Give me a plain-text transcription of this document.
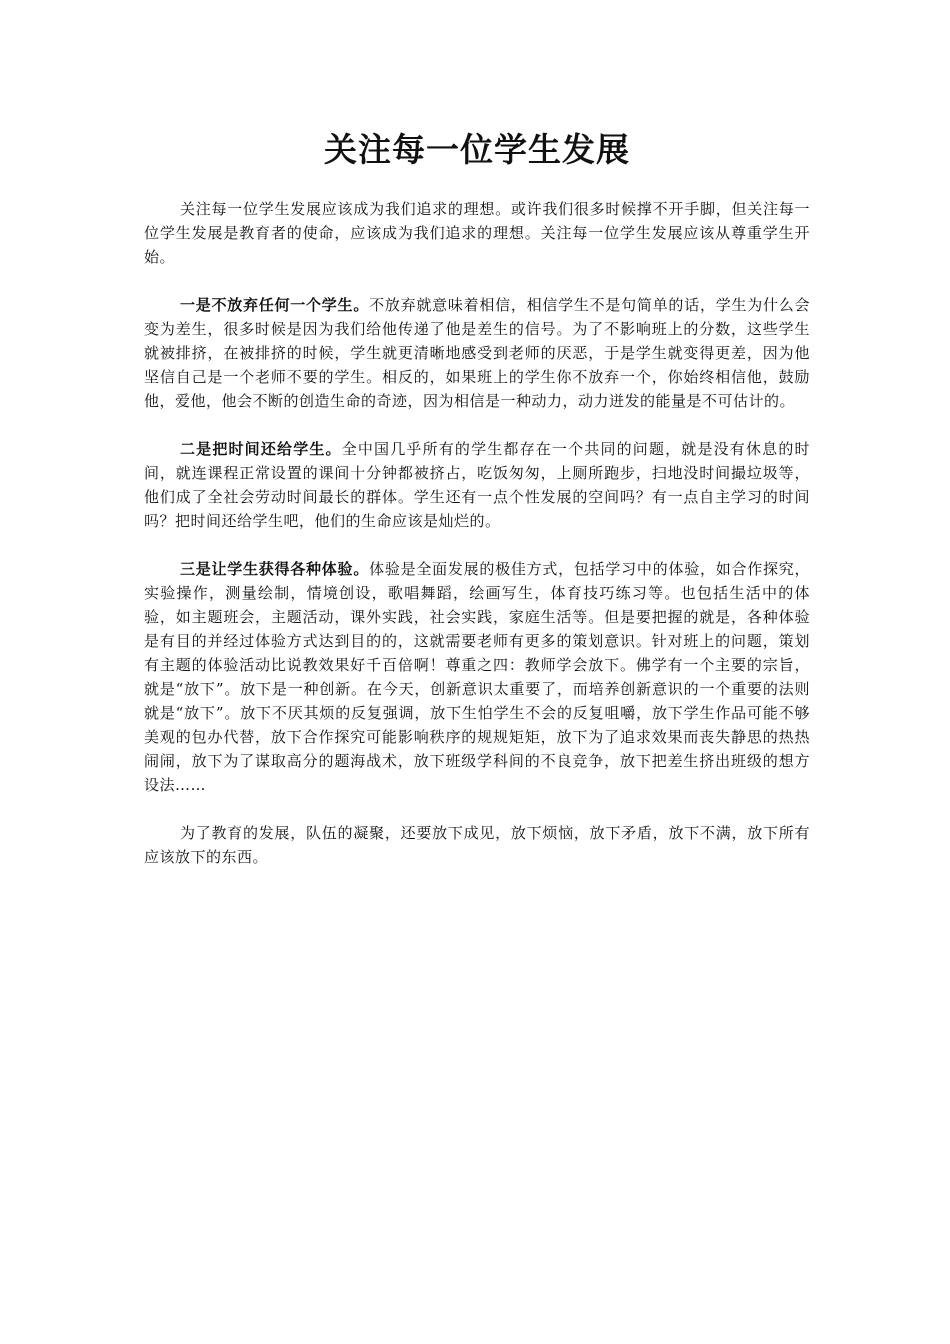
关注每一位学生发展

关注每一位学生发展应该成为我们追求的理想。或许我们很多时候撑不开手脚，但关注每一位学生发展是教育者的使命，应该成为我们追求的理想。关注每一位学生发展应该从尊重学生开始。

一是不放弃任何一个学生。不放弃就意味着相信，相信学生不是句简单的话，学生为什么会变为差生，很多时候是因为我们给他传递了他是差生的信号。为了不影响班上的分数，这些学生就被排挤，在被排挤的时候，学生就更清晰地感受到老师的厌恶，于是学生就变得更差，因为他坚信自己是一个老师不要的学生。相反的，如果班上的学生你不放弃一个，你始终相信他，鼓励他，爱他，他会不断的创造生命的奇迹，因为相信是一种动力，动力迸发的能量是不可估计的。

二是把时间还给学生。全中国几乎所有的学生都存在一个共同的问题，就是没有休息的时间，就连课程正常设置的课间十分钟都被挤占，吃饭匆匆，上厕所跑步，扫地没时间撮垃圾等，他们成了全社会劳动时间最长的群体。学生还有一点个性发展的空间吗？有一点自主学习的时间吗？把时间还给学生吧，他们的生命应该是灿烂的。

三是让学生获得各种体验。体验是全面发展的极佳方式，包括学习中的体验，如合作探究，实验操作，测量绘制，情境创设，歌唱舞蹈，绘画写生，体育技巧练习等。也包括生活中的体验，如主题班会，主题活动，课外实践，社会实践，家庭生活等。但是要把握的就是，各种体验是有目的并经过体验方式达到目的的，这就需要老师有更多的策划意识。针对班上的问题，策划有主题的体验活动比说教效果好千百倍啊！尊重之四：教师学会放下。佛学有一个主要的宗旨，就是“放下”。放下是一种创新。在今天，创新意识太重要了，而培养创新意识的一个重要的法则就是“放下”。放下不厌其烦的反复强调，放下生怕学生不会的反复咀嚼，放下学生作品可能不够美观的包办代替，放下合作探究可能影响秩序的规规矩矩，放下为了追求效果而丧失静思的热热闹闹，放下为了谋取高分的题海战术，放下班级学科间的不良竞争，放下把差生挤出班级的想方设法……

为了教育的发展，队伍的凝聚，还要放下成见，放下烦恼，放下矛盾，放下不满，放下所有应该放下的东西。
